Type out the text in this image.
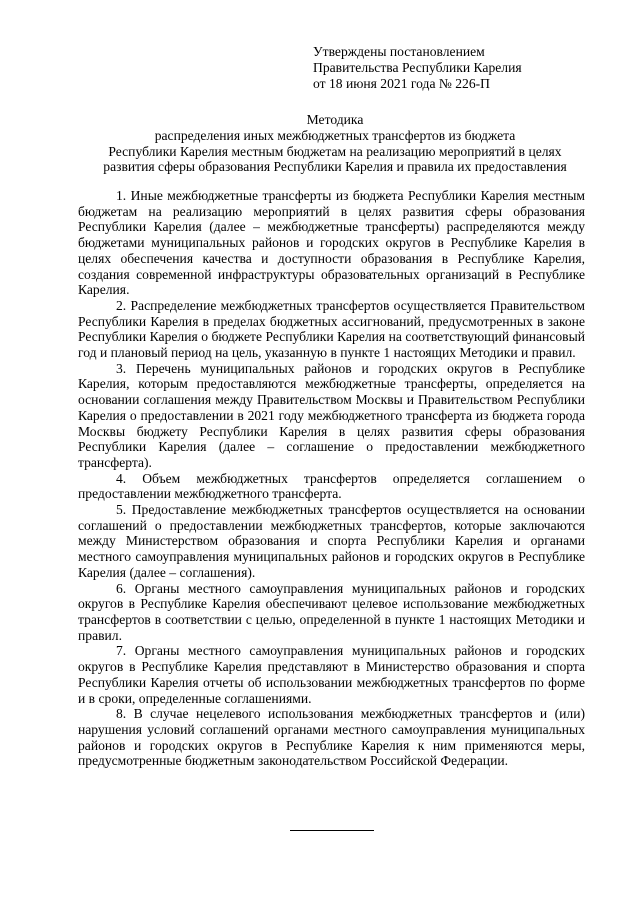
Утверждены постановлением
Правительства Республики Карелия
от 18 июня 2021 года № 226-П
Методика
распределения иных межбюджетных трансфертов из бюджета
Республики Карелия местным бюджетам на реализацию мероприятий в целях
развития сферы образования Республики Карелия и правила их предоставления

1. Иные межбюджетные трансферты из бюджета Республики Карелия местным бюджетам на реализацию мероприятий в целях развития сферы образования Республики Карелия (далее – межбюджетные трансферты) распределяются между бюджетами муниципальных районов и городских округов в Республике Карелия в целях обеспечения качества и доступности образования в Республике Карелия, создания современной инфраструктуры образовательных организаций в Республике Карелия.

2. Распределение межбюджетных трансфертов осуществляется Правительством Республики Карелия в пределах бюджетных ассигнований, предусмотренных в законе Республики Карелия о бюджете Республики Карелия на соответствующий финансовый год и плановый период на цель, указанную в пункте 1 настоящих Методики и правил.

3. Перечень муниципальных районов и городских округов в Республике Карелия, которым предоставляются межбюджетные трансферты, определяется на основании соглашения между Правительством Москвы и Правительством Республики Карелия о предоставлении в 2021 году межбюджетного трансферта из бюджета города Москвы бюджету Республики Карелия в целях развития сферы образования Республики Карелия (далее – соглашение о предоставлении межбюджетного трансферта).

4. Объем межбюджетных трансфертов определяется соглашением о предоставлении межбюджетного трансферта.

5. Предоставление межбюджетных трансфертов осуществляется на основании соглашений о предоставлении межбюджетных трансфертов, которые заключаются между Министерством образования и спорта Республики Карелия и органами местного самоуправления муниципальных районов и городских округов в Республике Карелия (далее – соглашения).

6. Органы местного самоуправления муниципальных районов и городских округов в Республике Карелия обеспечивают целевое использование межбюджетных трансфертов в соответствии с целью, определенной в пункте 1 настоящих Методики и правил.

7. Органы местного самоуправления муниципальных районов и городских округов в Республике Карелия представляют в Министерство образования и спорта Республики Карелия отчеты об использовании межбюджетных трансфертов по форме и в сроки, определенные соглашениями.

8. В случае нецелевого использования межбюджетных трансфертов и (или) нарушения условий соглашений органами местного самоуправления муниципальных районов и городских округов в Республике Карелия к ним применяются меры, предусмотренные бюджетным законодательством Российской Федерации.
